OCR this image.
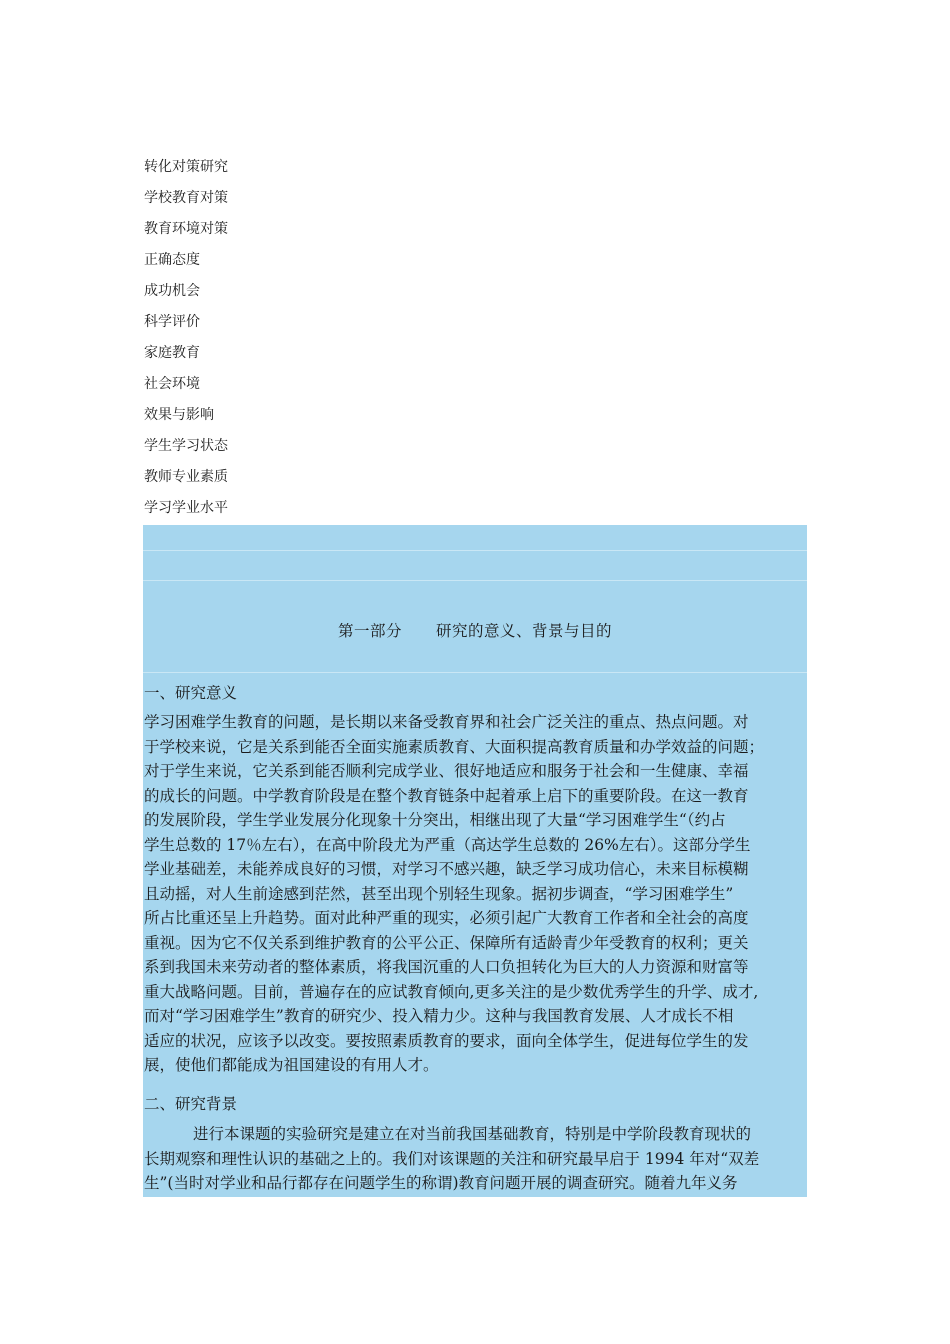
转化对策研究
学校教育对策
教育环境对策
正确态度
成功机会
科学评价
家庭教育
社会环境
效果与影响
学生学习状态
教师专业素质
学习学业水平
第一部分 研究的意义、背景与目的
一、研究意义
学习困难学生教育的问题，是长期以来备受教育界和社会广泛关注的重点、热点问题。对
于学校来说，它是关系到能否全面实施素质教育、大面积提高教育质量和办学效益的问题；
对于学生来说，它关系到能否顺利完成学业、很好地适应和服务于社会和一生健康、幸福
的成长的问题。中学教育阶段是在整个教育链条中起着承上启下的重要阶段。在这一教育
的发展阶段，学生学业发展分化现象十分突出，相继出现了大量“学习困难学生“（约占
学生总数的 17％左右），在高中阶段尤为严重（高达学生总数的 26%左右）。这部分学生
学业基础差，未能养成良好的习惯，对学习不感兴趣，缺乏学习成功信心，未来目标模糊
且动摇，对人生前途感到茫然，甚至出现个别轻生现象。据初步调查，“学习困难学生”
所占比重还呈上升趋势。面对此种严重的现实，必须引起广大教育工作者和全社会的高度
重视。因为它不仅关系到维护教育的公平公正、保障所有适龄青少年受教育的权利；更关
系到我国未来劳动者的整体素质，将我国沉重的人口负担转化为巨大的人力资源和财富等
重大战略问题。目前，普遍存在的应试教育倾向,更多关注的是少数优秀学生的升学、成才,
而对“学习困难学生”教育的研究少、投入精力少。这种与我国教育发展、人才成长不相
适应的状况，应该予以改变。要按照素质教育的要求，面向全体学生，促进每位学生的发
展，使他们都能成为祖国建设的有用人才。
二、研究背景
进行本课题的实验研究是建立在对当前我国基础教育，特别是中学阶段教育现状的
长期观察和理性认识的基础之上的。我们对该课题的关注和研究最早启于 1994 年对“双差
生”(当时对学业和品行都存在问题学生的称谓)教育问题开展的调查研究。随着九年义务
